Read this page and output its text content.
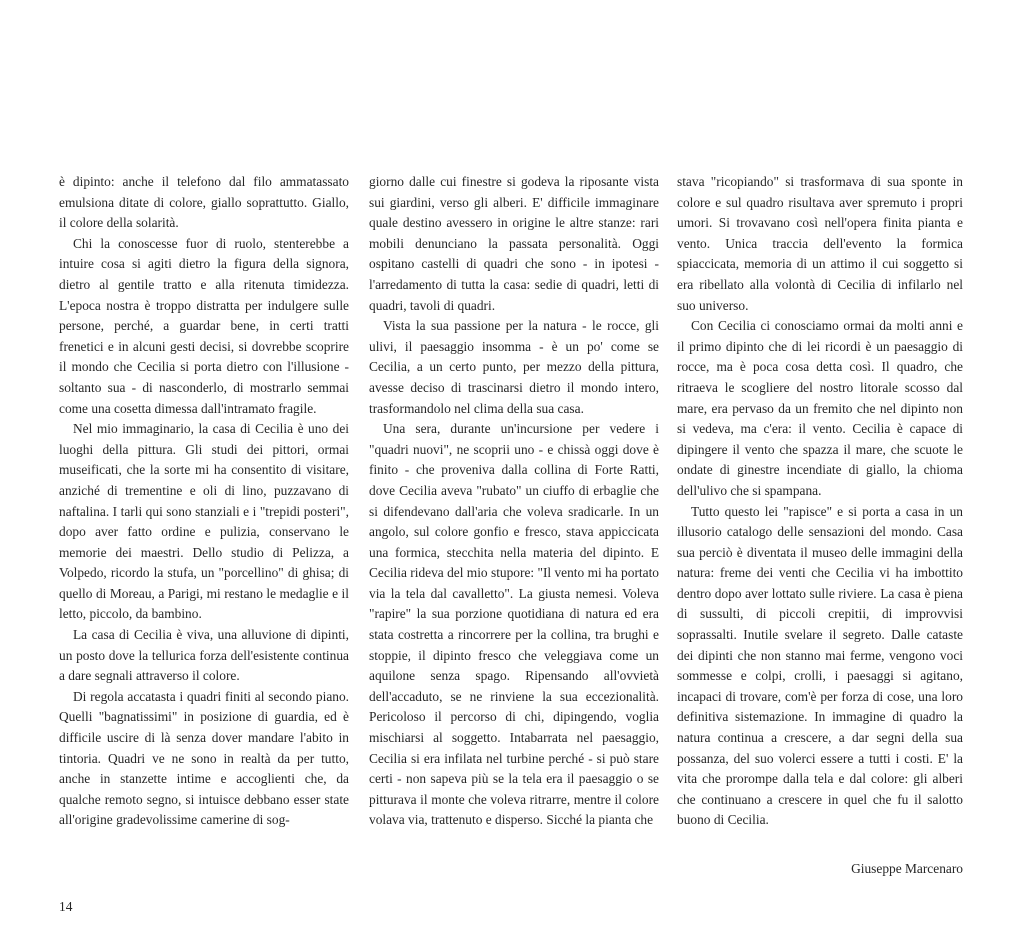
è dipinto: anche il telefono dal filo ammatassato emulsiona ditate di colore, giallo soprattutto. Giallo, il colore della solarità.

Chi la conoscesse fuor di ruolo, stenterebbe a intuire cosa si agiti dietro la figura della signora, dietro al gentile tratto e alla ritenuta timidezza. L'epoca nostra è troppo distratta per indulgere sulle persone, perché, a guardar bene, in certi tratti frenetici e in alcuni gesti decisi, si dovrebbe scoprire il mondo che Cecilia si porta dietro con l'illusione - soltanto sua - di nasconderlo, di mostrarlo semmai come una cosetta dimessa dall'intramato fragile.

Nel mio immaginario, la casa di Cecilia è uno dei luoghi della pittura. Gli studi dei pittori, ormai museificati, che la sorte mi ha consentito di visitare, anziché di trementine e oli di lino, puzzavano di naftalina. I tarli qui sono stanziali e i "trepidi posteri", dopo aver fatto ordine e pulizia, conservano le memorie dei maestri. Dello studio di Pelizza, a Volpedo, ricordo la stufa, un "porcellino" di ghisa; di quello di Moreau, a Parigi, mi restano le medaglie e il letto, piccolo, da bambino.

La casa di Cecilia è viva, una alluvione di dipinti, un posto dove la tellurica forza dell'esistente continua a dare segnali attraverso il colore.

Di regola accatasta i quadri finiti al secondo piano. Quelli "bagnatissimi" in posizione di guardia, ed è difficile uscire di là senza dover mandare l'abito in tintoria. Quadri ve ne sono in realtà da per tutto, anche in stanzette intime e accoglienti che, da qualche remoto segno, si intuisce debbano esser state all'origine gradevolissime camerine di sog-

giorno dalle cui finestre si godeva la riposante vista sui giardini, verso gli alberi. E' difficile immaginare quale destino avessero in origine le altre stanze: rari mobili denunciano la passata personalità. Oggi ospitano castelli di quadri che sono - in ipotesi - l'arredamento di tutta la casa: sedie di quadri, letti di quadri, tavoli di quadri.

Vista la sua passione per la natura - le rocce, gli ulivi, il paesaggio insomma - è un po' come se Cecilia, a un certo punto, per mezzo della pittura, avesse deciso di trascinarsi dietro il mondo intero, trasformandolo nel clima della sua casa.

Una sera, durante un'incursione per vedere i "quadri nuovi", ne scoprii uno - e chissà oggi dove è finito - che proveniva dalla collina di Forte Ratti, dove Cecilia aveva "rubato" un ciuffo di erbaglie che si difendevano dall'aria che voleva sradicarle. In un angolo, sul colore gonfio e fresco, stava appiccicata una formica, stecchita nella materia del dipinto. E Cecilia rideva del mio stupore: "Il vento mi ha portato via la tela dal cavalletto". La giusta nemesi. Voleva "rapire" la sua porzione quotidiana di natura ed era stata costretta a rincorrere per la collina, tra brughi e stoppie, il dipinto fresco che veleggiava come un aquilone senza spago. Ripensando all'ovvietà dell'accaduto, se ne rinviene la sua eccezionalità. Pericoloso il percorso di chi, dipingendo, voglia mischiarsi al soggetto. Intabarrata nel paesaggio, Cecilia si era infilata nel turbine perché - si può stare certi - non sapeva più se la tela era il paesaggio o se pitturava il monte che voleva ritrarre, mentre il colore volava via, trattenuto e disperso. Sicché la pianta che

stava "ricopiando" si trasformava di sua sponte in colore e sul quadro risultava aver spremuto i propri umori. Si trovavano così nell'opera finita pianta e vento. Unica traccia dell'evento la formica spiaccicata, memoria di un attimo il cui soggetto si era ribellato alla volontà di Cecilia di infilarlo nel suo universo.

Con Cecilia ci conosciamo ormai da molti anni e il primo dipinto che di lei ricordi è un paesaggio di rocce, ma è poca cosa detta così. Il quadro, che ritraeva le scogliere del nostro litorale scosso dal mare, era pervaso da un fremito che nel dipinto non si vedeva, ma c'era: il vento. Cecilia è capace di dipingere il vento che spazza il mare, che scuote le ondate di ginestre incendiate di giallo, la chioma dell'ulivo che si spampana.

Tutto questo lei "rapisce" e si porta a casa in un illusorio catalogo delle sensazioni del mondo. Casa sua perciò è diventata il museo delle immagini della natura: freme dei venti che Cecilia vi ha imbottito dentro dopo aver lottato sulle riviere. La casa è piena di sussulti, di piccoli crepitii, di improvvisi soprassalti. Inutile svelare il segreto. Dalle cataste dei dipinti che non stanno mai ferme, vengono voci sommesse e colpi, crolli, i paesaggi si agitano, incapaci di trovare, com'è per forza di cose, una loro definitiva sistemazione. In immagine di quadro la natura continua a crescere, a dar segni della sua possanza, del suo volerci essere a tutti i costi. E' la vita che prorompe dalla tela e dal colore: gli alberi che continuano a crescere in quel che fu il salotto buono di Cecilia.

Giuseppe Marcenaro
14
